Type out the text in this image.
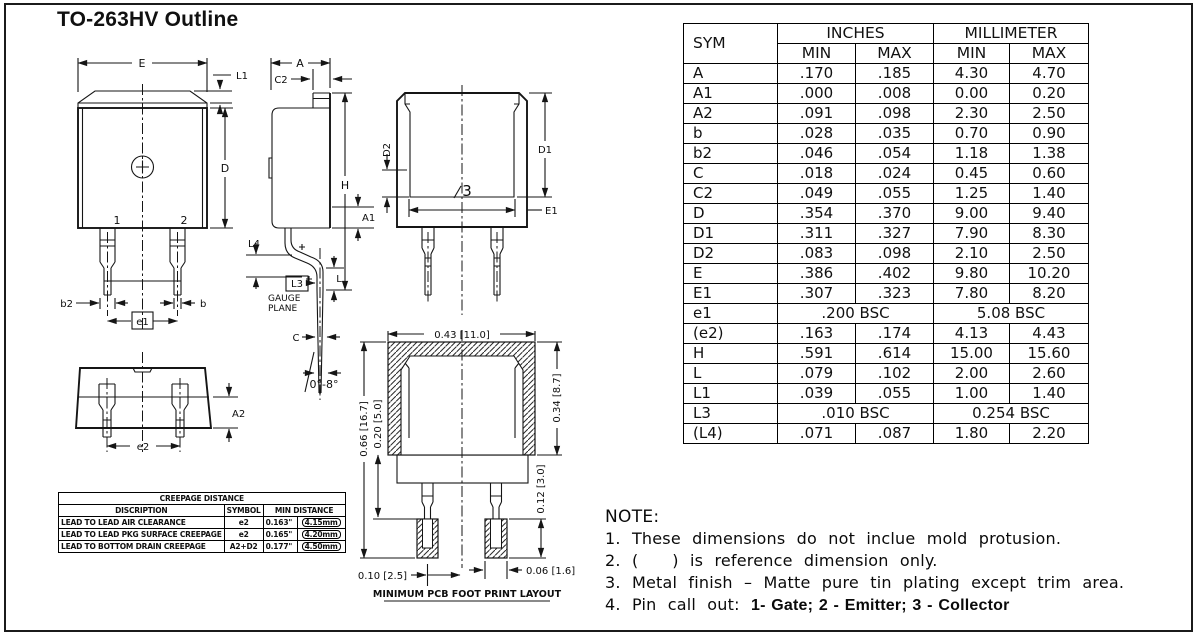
TO-263HV Outline
E
L1
D
1	2
b2	b
e1
A
C2
H
A1
L4
L
L3
GAUGE
PLANE
C
0°-8°
3
D1
E1
D2
A2
e2
0.43 [11.0]
0.66 [16.7] 0.20 [5.0]
0.34 [8.7]
0.12 [3.0]
0.10 [2.5]	0.06 [1.6]
MINIMUM PCB FOOT PRINT LAYOUT
SYM	INCHES		MILLIMETER	
	MIN	MAX	MIN	MAX
A	.170	.185	4.30	4.70
A1	.000	.008	0.00	0.20
A2	.091	.098	2.30	2.50
b	.028	.035	0.70	0.90
b2	.046	.054	1.18	1.38
C	.018	.024	0.45	0.60
C2	.049	.055	1.25	1.40
D	.354	.370	9.00	9.40
D1	.311	.327	7.90	8.30
D2	.083	.098	2.10	2.50
E	.386	.402	9.80	10.20
E1	.307	.323	7.80	8.20
e1	.200 BSC		5.08 BSC	
(e2)	.163	.174	4.13	4.43
H	.591	.614	15.00	15.60
L	.079	.102	2.00	2.60
L1	.039	.055	1.00	1.40
L3	.010 BSC		0.254 BSC	
(L4)	.071	.087	1.80	2.20
CREEPAGE DISTANCE			
DISCRIPTION	SYMBOL	MIN DISTANCE	
LEAD TO LEAD AIR CLEARANCE	e2	0.163"	4.15mm
LEAD TO LEAD PKG SURFACE CREEPAGE	e2	0.165"	4.20mm
LEAD TO BOTTOM DRAIN CREEPAGE	A2+D2	0.177"	4.50mm
NOTE:
1. These dimensions do not inclue mold protusion.
2. (   ) is reference dimension only.
3. Metal finish – Matte pure tin plating except trim area.
4. Pin call out: 1- Gate; 2 - Emitter; 3 - Collector
